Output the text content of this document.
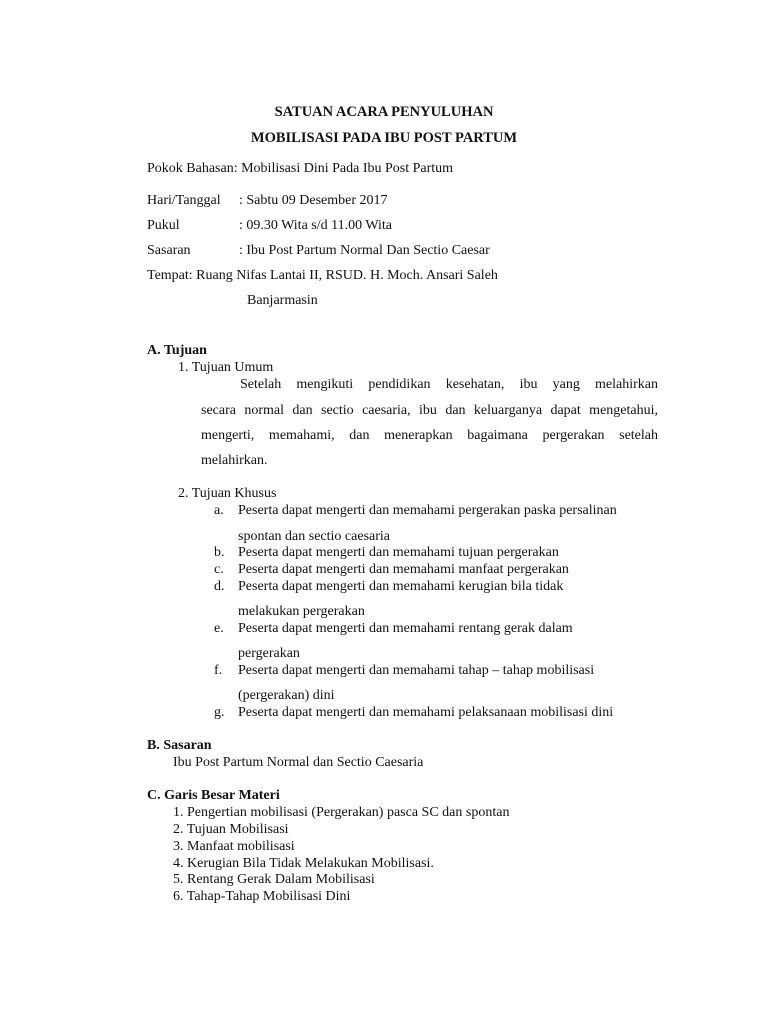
SATUAN ACARA PENYULUHAN
MOBILISASI PADA IBU POST PARTUM
Pokok Bahasan: Mobilisasi Dini Pada Ibu Post Partum
Hari/Tanggal : Sabtu 09 Desember 2017
Pukul	: 09.30 Wita s/d 11.00 Wita
Sasaran	: Ibu Post Partum Normal Dan Sectio Caesar
Tempat: Ruang Nifas Lantai II, RSUD. H. Moch. Ansari Saleh
Banjarmasin
A. Tujuan
1. Tujuan Umum
Setelah mengikuti pendidikan kesehatan, ibu yang melahirkan
secara normal dan sectio caesaria, ibu dan keluarganya dapat mengetahui,
mengerti, memahami, dan menerapkan bagaimana pergerakan setelah
melahirkan.
2. Tujuan Khusus
a. Peserta dapat mengerti dan memahami pergerakan paska persalinan
spontan dan sectio caesaria
b. Peserta dapat mengerti dan memahami tujuan pergerakan
c. Peserta dapat mengerti dan memahami manfaat pergerakan
d. Peserta dapat mengerti dan memahami kerugian bila tidak
melakukan pergerakan
e. Peserta dapat mengerti dan memahami rentang gerak dalam
pergerakan
f. Peserta dapat mengerti dan memahami tahap – tahap mobilisasi
(pergerakan) dini
g. Peserta dapat mengerti dan memahami pelaksanaan mobilisasi dini
B. Sasaran
Ibu Post Partum Normal dan Sectio Caesaria
C. Garis Besar Materi
1. Pengertian mobilisasi (Pergerakan) pasca SC dan spontan
2. Tujuan Mobilisasi
3. Manfaat mobilisasi
4. Kerugian Bila Tidak Melakukan Mobilisasi.
5. Rentang Gerak Dalam Mobilisasi
6. Tahap-Tahap Mobilisasi Dini
